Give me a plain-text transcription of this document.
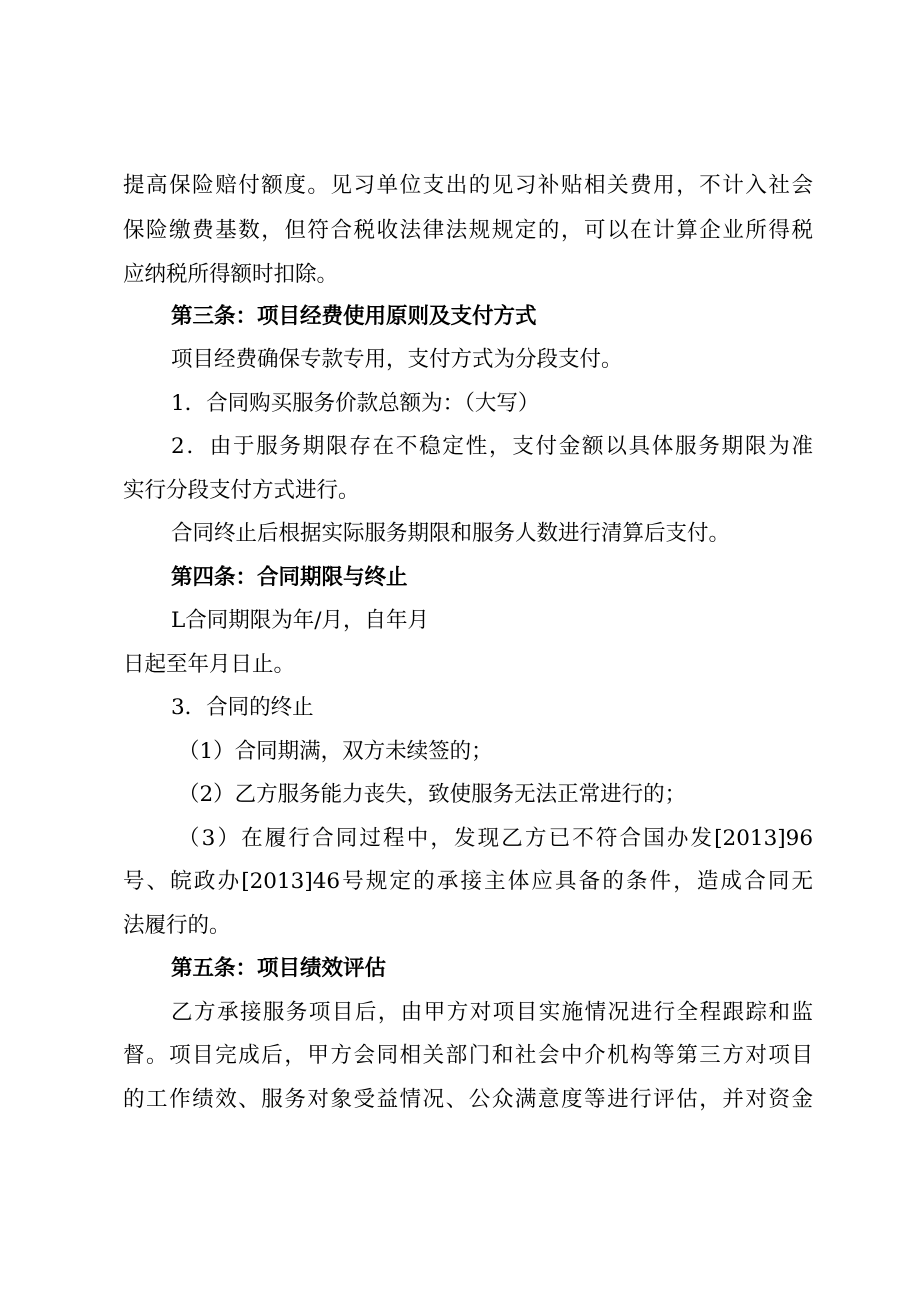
提高保险赔付额度。见习单位支出的见习补贴相关费用，不计入社会
保险缴费基数，但符合税收法律法规规定的，可以在计算企业所得税
应纳税所得额时扣除。
第三条：项目经费使用原则及支付方式
项目经费确保专款专用，支付方式为分段支付。
1．合同购买服务价款总额为：（大写）
2．由于服务期限存在不稳定性，支付金额以具体服务期限为准
实行分段支付方式进行。
合同终止后根据实际服务期限和服务人数进行清算后支付。
第四条：合同期限与终止
L合同期限为年/月，自年月
日起至年月日止。
3．合同的终止
（1）合同期满，双方未续签的；
（2）乙方服务能力丧失，致使服务无法正常进行的；
（3）在履行合同过程中，发现乙方已不符合国办发[2013]96
号、皖政办[2013]46号规定的承接主体应具备的条件，造成合同无
法履行的。
第五条：项目绩效评估
乙方承接服务项目后，由甲方对项目实施情况进行全程跟踪和监
督。项目完成后，甲方会同相关部门和社会中介机构等第三方对项目
的工作绩效、服务对象受益情况、公众满意度等进行评估，并对资金
